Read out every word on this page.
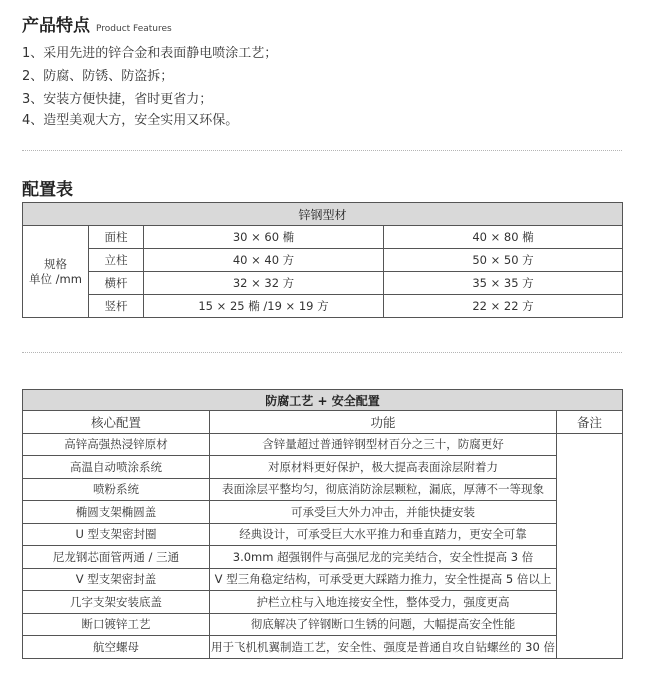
产品特点 Product Features
1、采用先进的锌合金和表面静电喷涂工艺；
2、防腐、防锈、防盗拆；
3、安装方便快捷，省时更省力；
4、造型美观大方，安全实用又环保。
配置表
锌钢型材			
规格
单位 /mm	面柱	30 × 60 椭	40 × 80 椭
	立柱	40 × 40 方	50 × 50 方
	横杆	32 × 32 方	35 × 35 方
	竖杆	15 × 25 椭 /19 × 19 方	22 × 22 方
防腐工艺 + 安全配置		
核心配置	功能	备注
高锌高强热浸锌原材	含锌量超过普通锌钢型材百分之三十，防腐更好	
高温自动喷涂系统	对原材料更好保护，极大提高表面涂层附着力	
喷粉系统	表面涂层平整均匀，彻底消防涂层颗粒，漏底，厚薄不一等现象	
椭圆支架椭圆盖	可承受巨大外力冲击，并能快捷安装	
U 型支架密封圈	经典设计，可承受巨大水平推力和垂直踏力，更安全可靠	
尼龙钢芯面管两通 / 三通	3.0mm 超强钢件与高强尼龙的完美结合，安全性提高 3 倍	
V 型支架密封盖	V 型三角稳定结构，可承受更大踩踏力推力，安全性提高 5 倍以上	
几字支架安装底盖	护栏立柱与入地连接安全性，整体受力，强度更高	
断口镀锌工艺	彻底解决了锌钢断口生锈的问题，大幅提高安全性能	
航空螺母	用于飞机机翼制造工艺，安全性、强度是普通自攻自钻螺丝的 30 倍	
